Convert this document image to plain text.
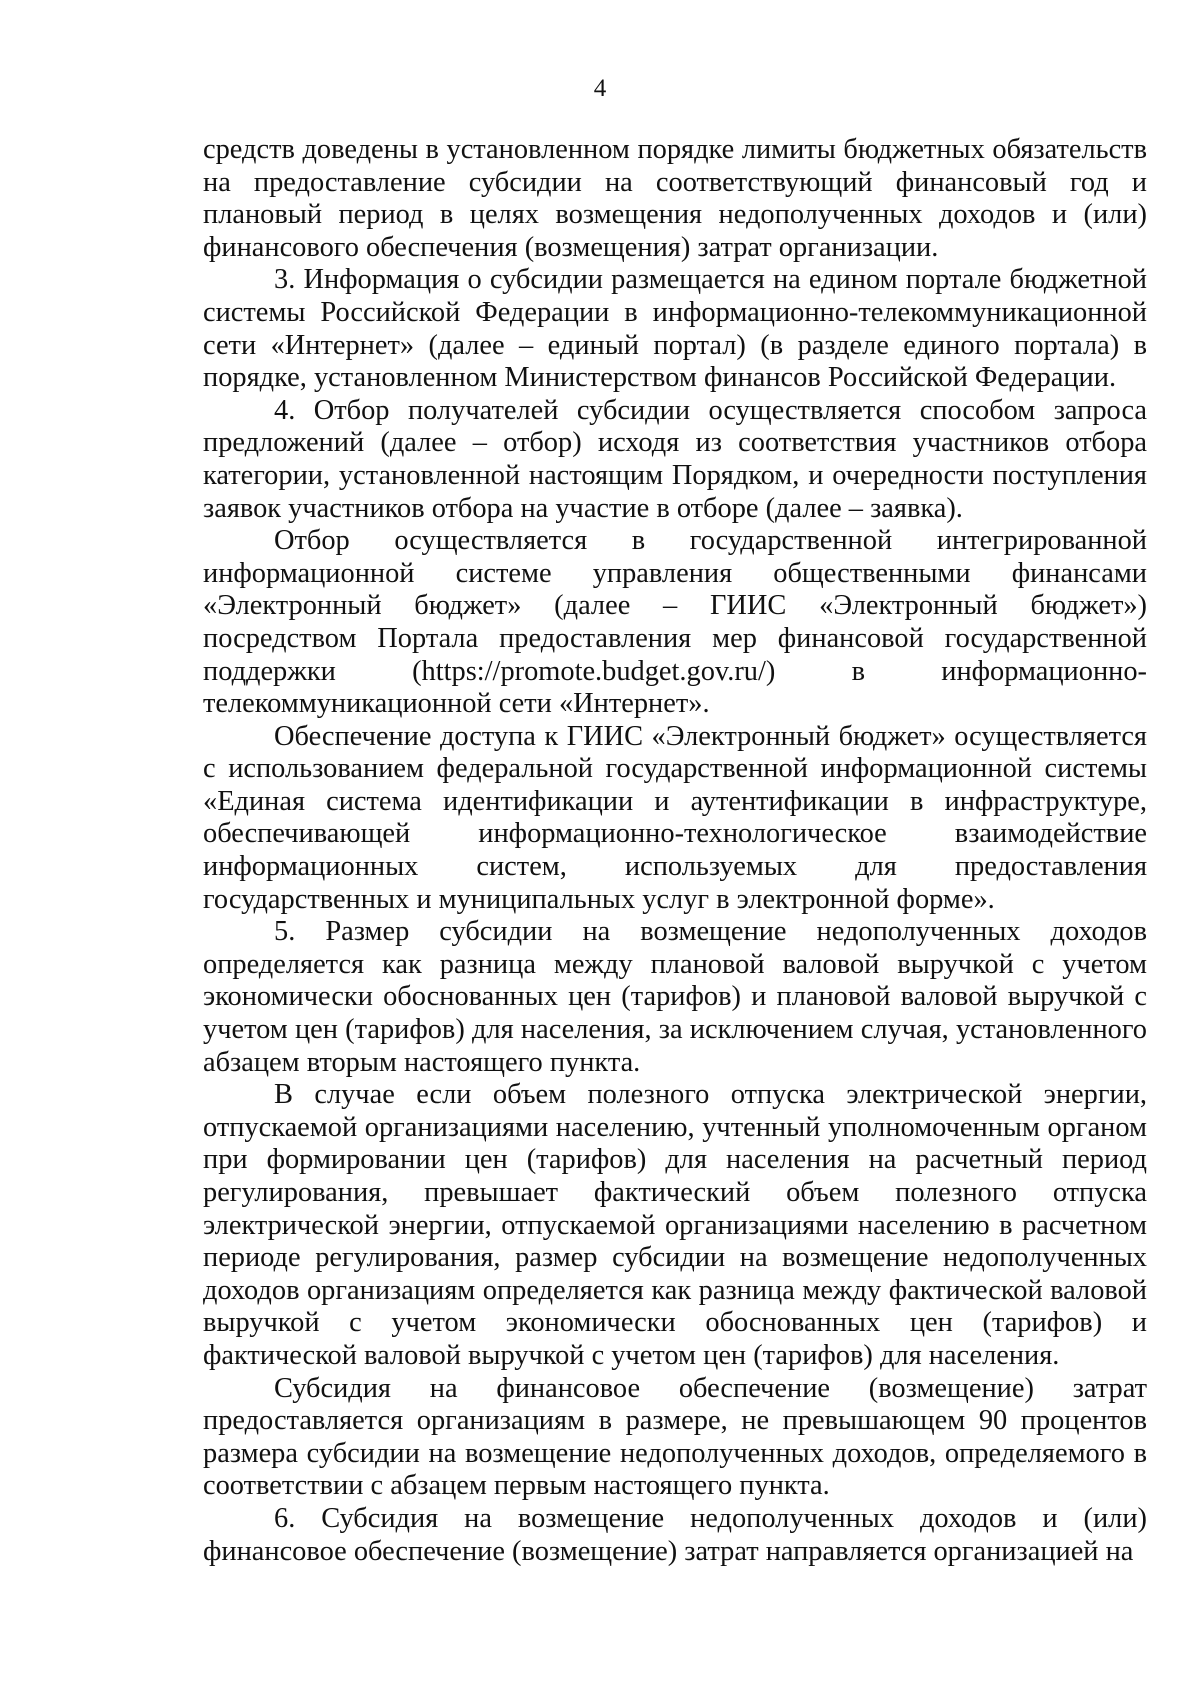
4

средств доведены в установленном порядке лимиты бюджетных обязательств на предоставление субсидии на соответствующий финансовый год и плановый период в целях возмещения недополученных доходов и (или) финансового обеспечения (возмещения) затрат организации.

3. Информация о субсидии размещается на едином портале бюджетной системы Российской Федерации в информационно-телекоммуникационной сети «Интернет» (далее – единый портал) (в разделе единого портала) в порядке, установленном Министерством финансов Российской Федерации.

4. Отбор получателей субсидии осуществляется способом запроса предложений (далее – отбор) исходя из соответствия участников отбора категории, установленной настоящим Порядком, и очередности поступления заявок участников отбора на участие в отборе (далее – заявка).

Отбор осуществляется в государственной интегрированной информационной системе управления общественными финансами «Электронный бюджет» (далее – ГИИС «Электронный бюджет») посредством Портала предоставления мер финансовой государственной поддержки (https://promote.budget.gov.ru/) в информационно-телекоммуникационной сети «Интернет».

Обеспечение доступа к ГИИС «Электронный бюджет» осуществляется с использованием федеральной государственной информационной системы «Единая система идентификации и аутентификации в инфраструктуре, обеспечивающей информационно-технологическое взаимодействие информационных систем, используемых для предоставления государственных и муниципальных услуг в электронной форме».

5. Размер субсидии на возмещение недополученных доходов определяется как разница между плановой валовой выручкой с учетом экономически обоснованных цен (тарифов) и плановой валовой выручкой с учетом цен (тарифов) для населения, за исключением случая, установленного абзацем вторым настоящего пункта.

В случае если объем полезного отпуска электрической энергии, отпускаемой организациями населению, учтенный уполномоченным органом при формировании цен (тарифов) для населения на расчетный период регулирования, превышает фактический объем полезного отпуска электрической энергии, отпускаемой организациями населению в расчетном периоде регулирования, размер субсидии на возмещение недополученных доходов организациям определяется как разница между фактической валовой выручкой с учетом экономически обоснованных цен (тарифов) и фактической валовой выручкой с учетом цен (тарифов) для населения.

Субсидия на финансовое обеспечение (возмещение) затрат предоставляется организациям в размере, не превышающем 90 процентов размера субсидии на возмещение недополученных доходов, определяемого в соответствии с абзацем первым настоящего пункта.

6. Субсидия на возмещение недополученных доходов и (или) финансовое обеспечение (возмещение) затрат направляется организацией на
